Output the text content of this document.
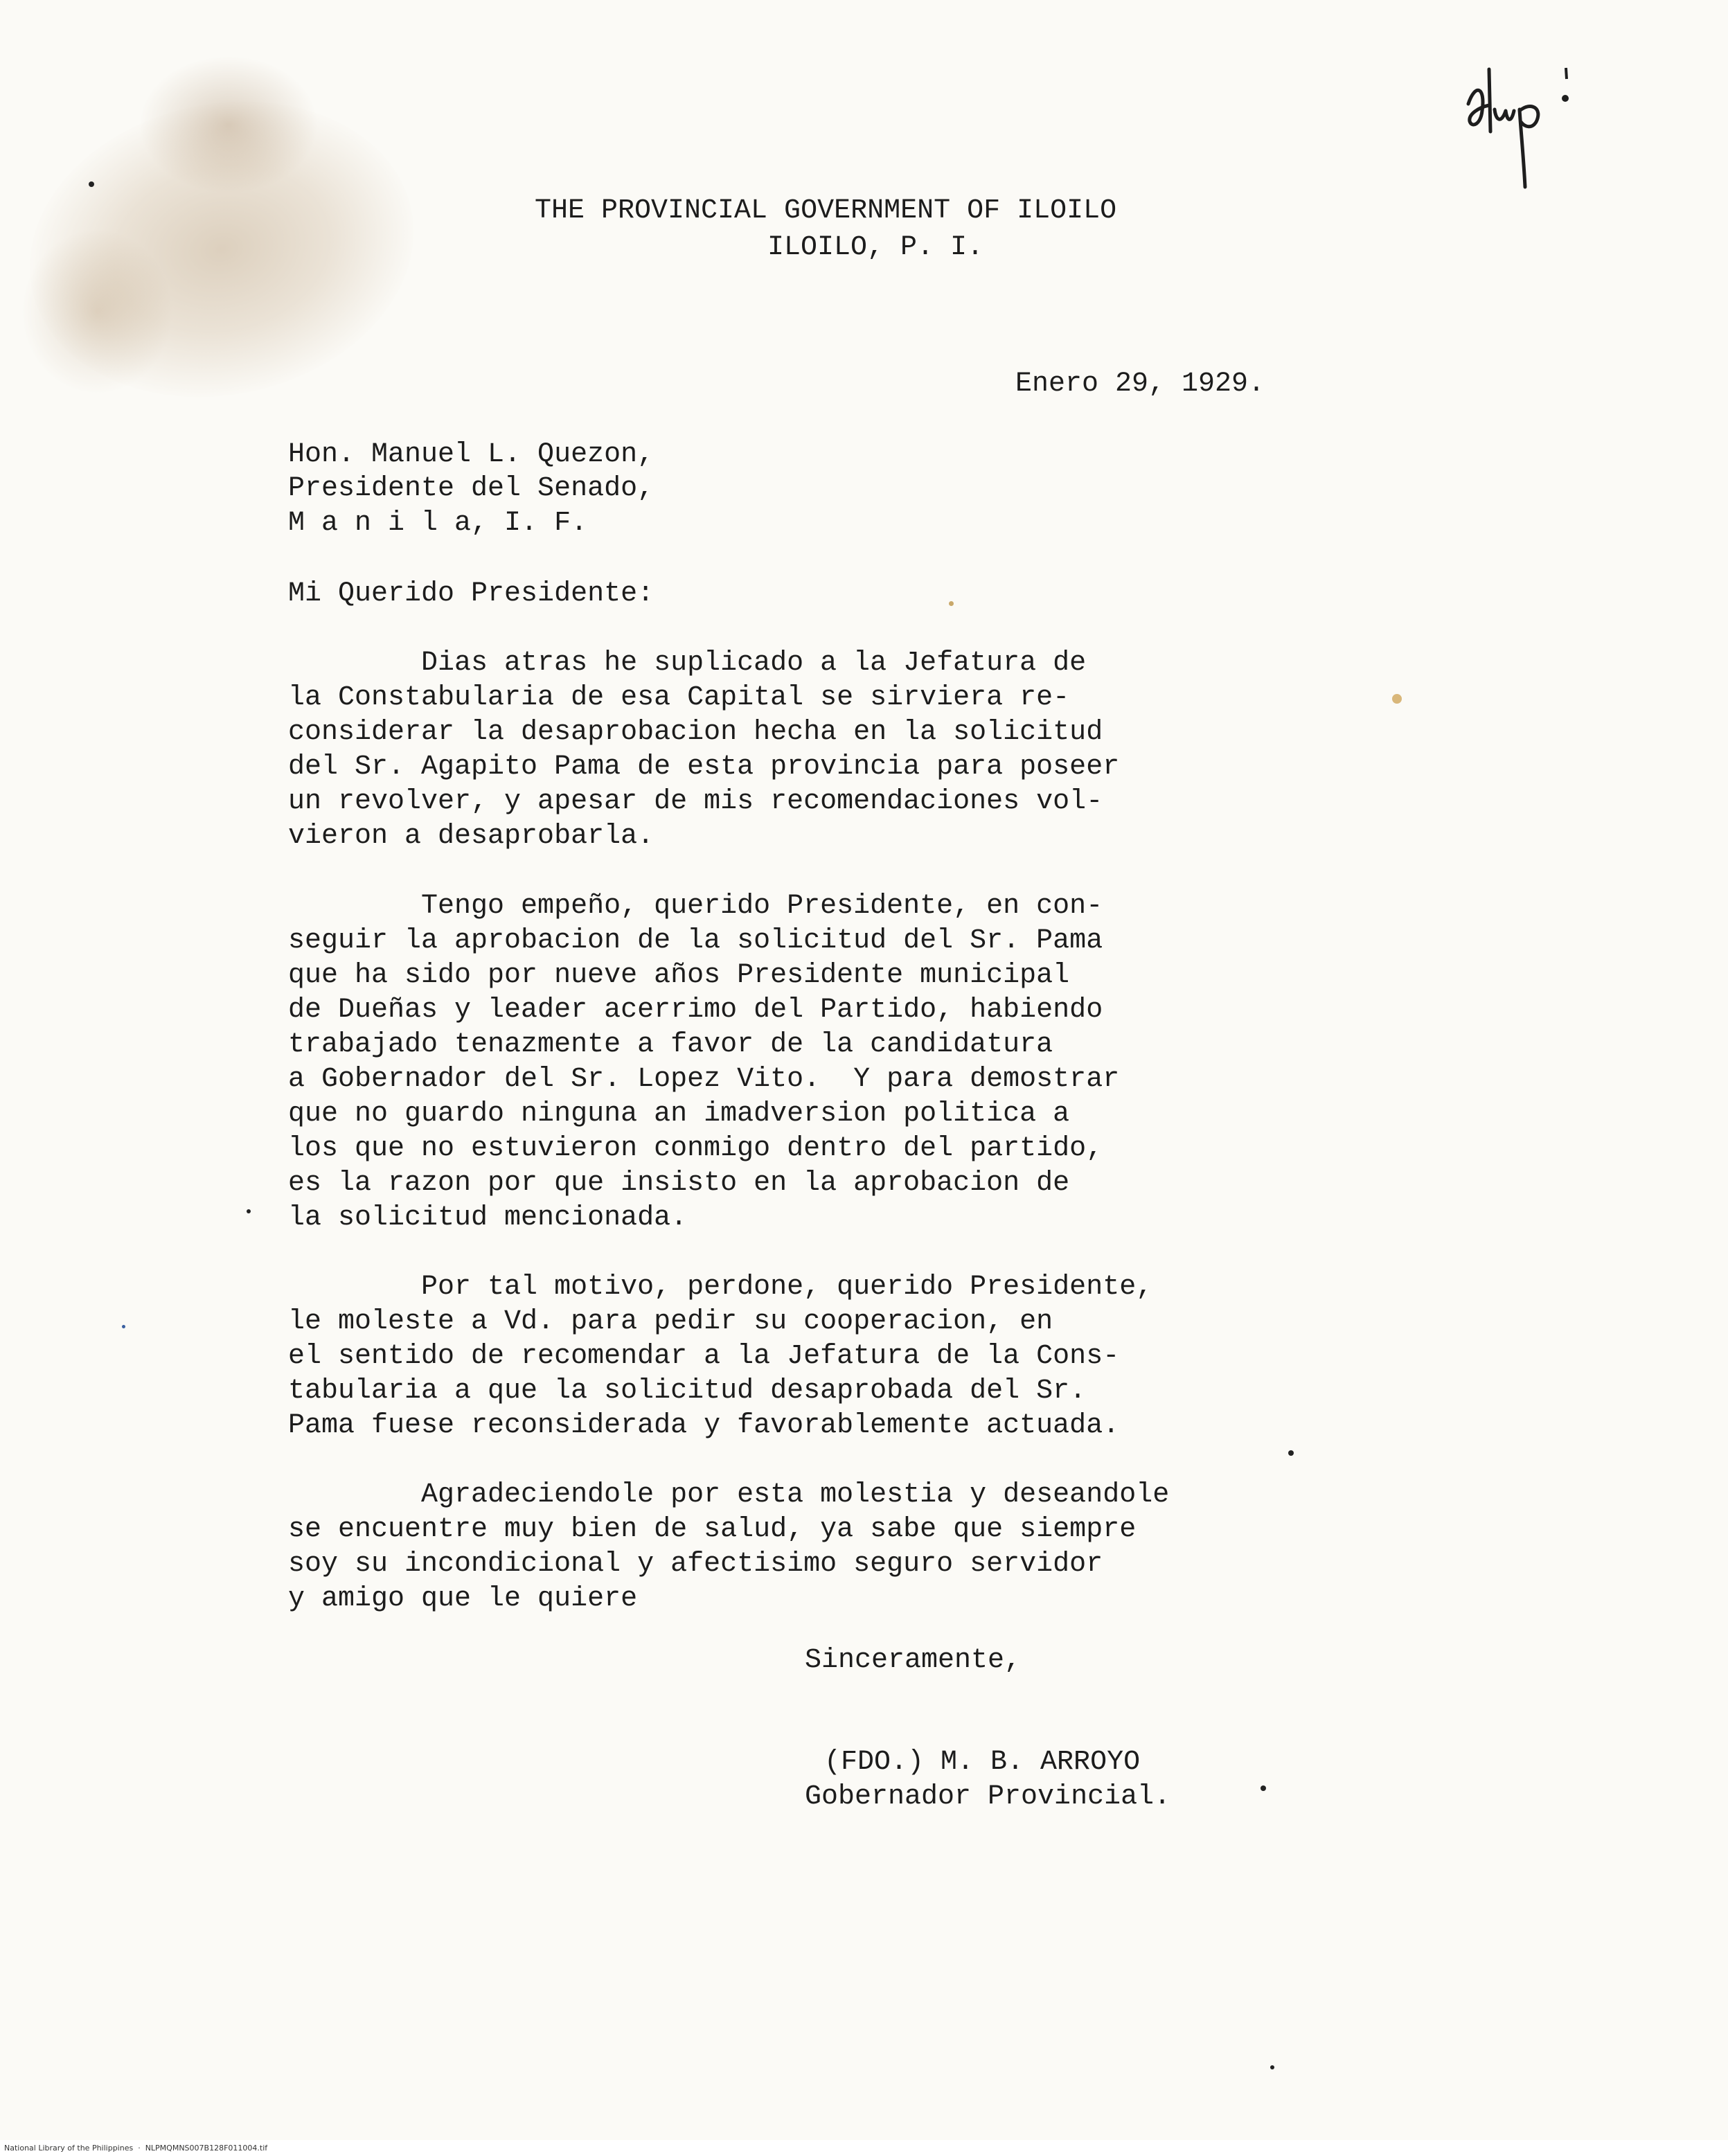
Dup.
THE PROVINCIAL GOVERNMENT OF ILOILO
ILOILO, P. I.
Enero 29, 1929.
Hon. Manuel L. Quezon,
Presidente del Senado,
M a n i l a, I. F.
Mi Querido Presidente:
Dias atras he suplicado a la Jefatura de
la Constabularia de esa Capital se sirviera re-
considerar la desaprobacion hecha en la solicitud
del Sr. Agapito Pama de esta provincia para poseer
un revolver, y apesar de mis recomendaciones vol-
vieron a desaprobarla.
Tengo empeño, querido Presidente, en con-
seguir la aprobacion de la solicitud del Sr. Pama
que ha sido por nueve años Presidente municipal
de Dueñas y leader acerrimo del Partido, habiendo
trabajado tenazmente a favor de la candidatura
a Gobernador del Sr. Lopez Vito.  Y para demostrar
que no guardo ninguna an imadversion politica a
los que no estuvieron conmigo dentro del partido,
es la razon por que insisto en la aprobacion de
la solicitud mencionada.
Por tal motivo, perdone, querido Presidente,
le moleste a Vd. para pedir su cooperacion, en
el sentido de recomendar a la Jefatura de la Cons-
tabularia a que la solicitud desaprobada del Sr.
Pama fuese reconsiderada y favorablemente actuada.
Agradeciendole por esta molestia y deseandole
se encuentre muy bien de salud, ya sabe que siempre
soy su incondicional y afectisimo seguro servidor
y amigo que le quiere
Sinceramente,
(FDO.) M. B. ARROYO
Gobernador Provincial.
National Library of the Philippines  ·  NLPMQMNS007B128F011004.tif
